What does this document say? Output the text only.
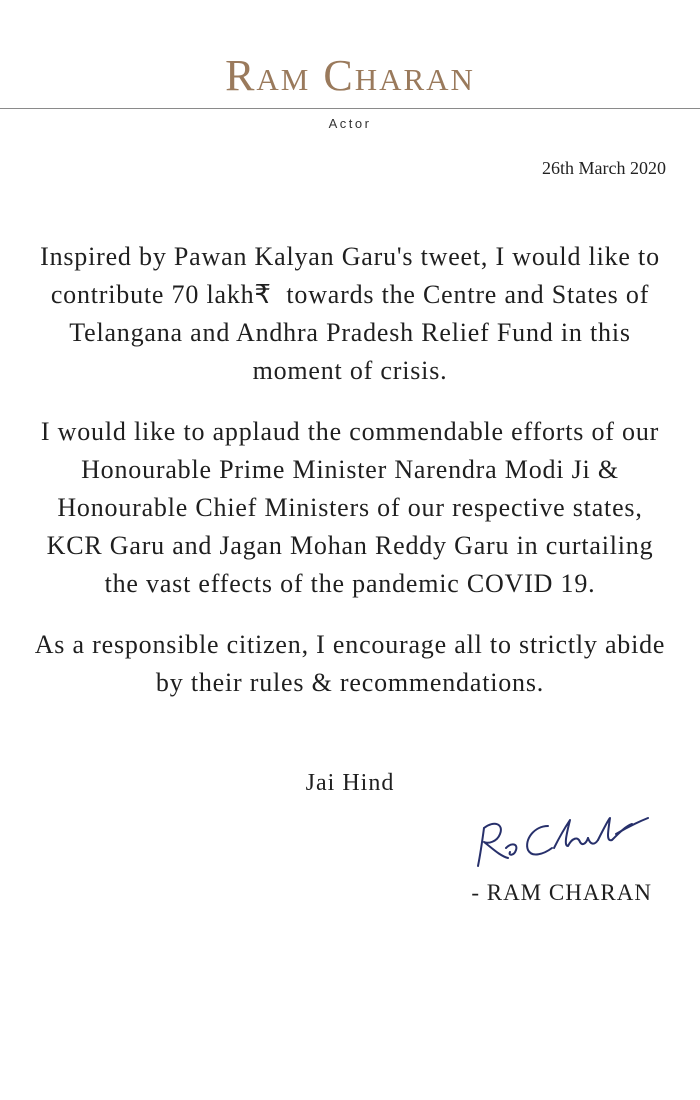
Ram Charan
Actor
26th March 2020

Inspired by Pawan Kalyan Garu's tweet, I would like to contribute 70 lakh₹  towards the Centre and States of Telangana and Andhra Pradesh Relief Fund in this moment of crisis.

I would like to applaud the commendable efforts of our Honourable Prime Minister Narendra Modi Ji & Honourable Chief Ministers of our respective states, KCR Garu and Jagan Mohan Reddy Garu in curtailing the vast effects of the pandemic COVID 19.

As a responsible citizen, I encourage all to strictly abide by their rules & recommendations.

Jai Hind
- RAM CHARAN
